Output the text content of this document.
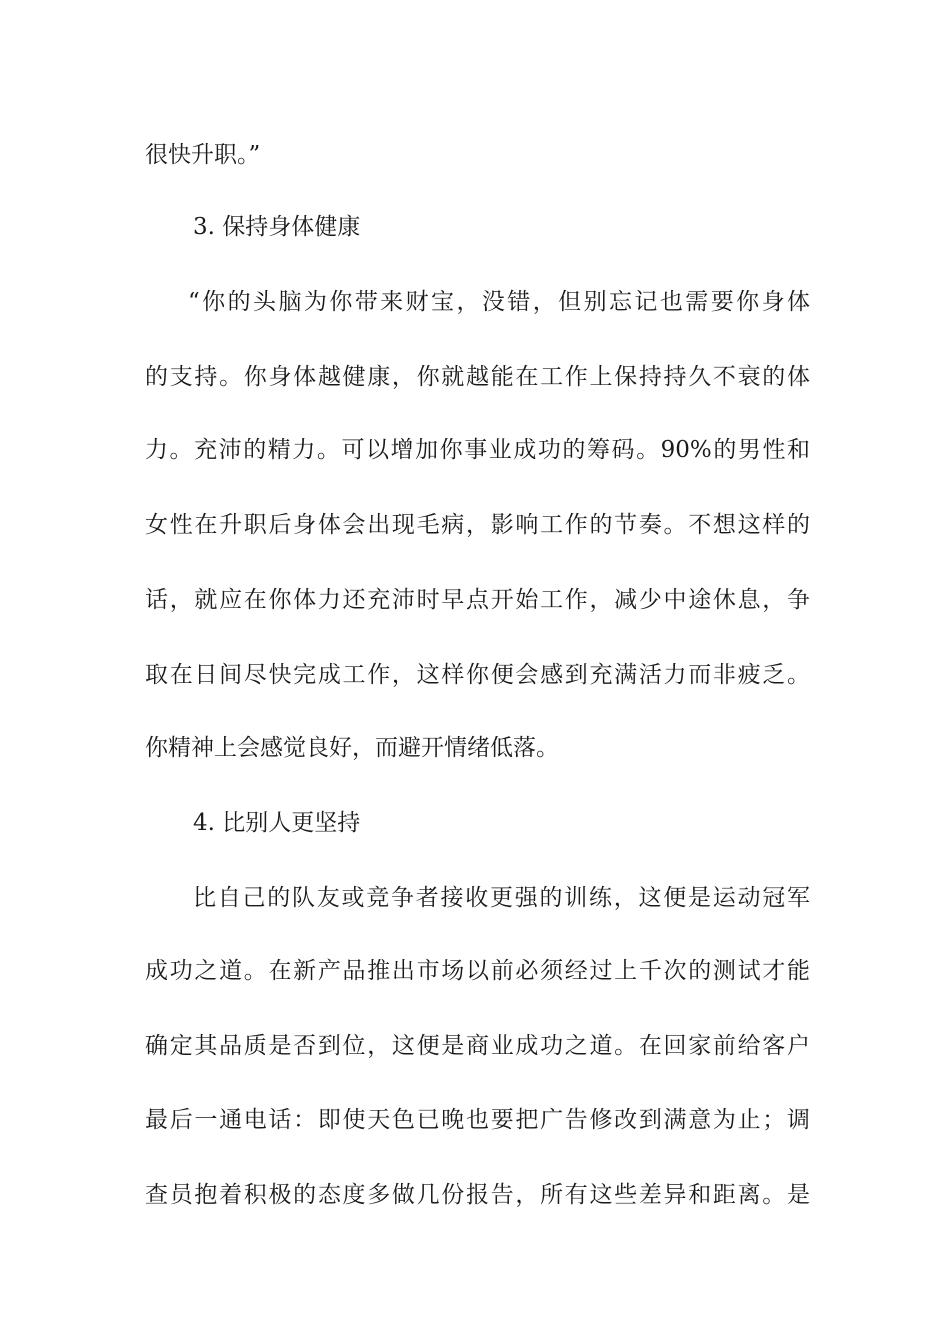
很快升职。”
3. 保持身体健康
“你的头脑为你带来财宝，没错，但别忘记也需要你身体
的支持。你身体越健康，你就越能在工作上保持持久不衰的体
力。充沛的精力。可以增加你事业成功的筹码。90%的男性和
女性在升职后身体会出现毛病，影响工作的节奏。不想这样的
话，就应在你体力还充沛时早点开始工作，减少中途休息，争
取在日间尽快完成工作，这样你便会感到充满活力而非疲乏。
你精神上会感觉良好，而避开情绪低落。
4. 比别人更坚持
比自己的队友或竞争者接收更强的训练，这便是运动冠军
成功之道。在新产品推出市场以前必须经过上千次的测试才能
确定其品质是否到位，这便是商业成功之道。在回家前给客户
最后一通电话：即使天色已晚也要把广告修改到满意为止；调
查员抱着积极的态度多做几份报告，所有这些差异和距离。是
